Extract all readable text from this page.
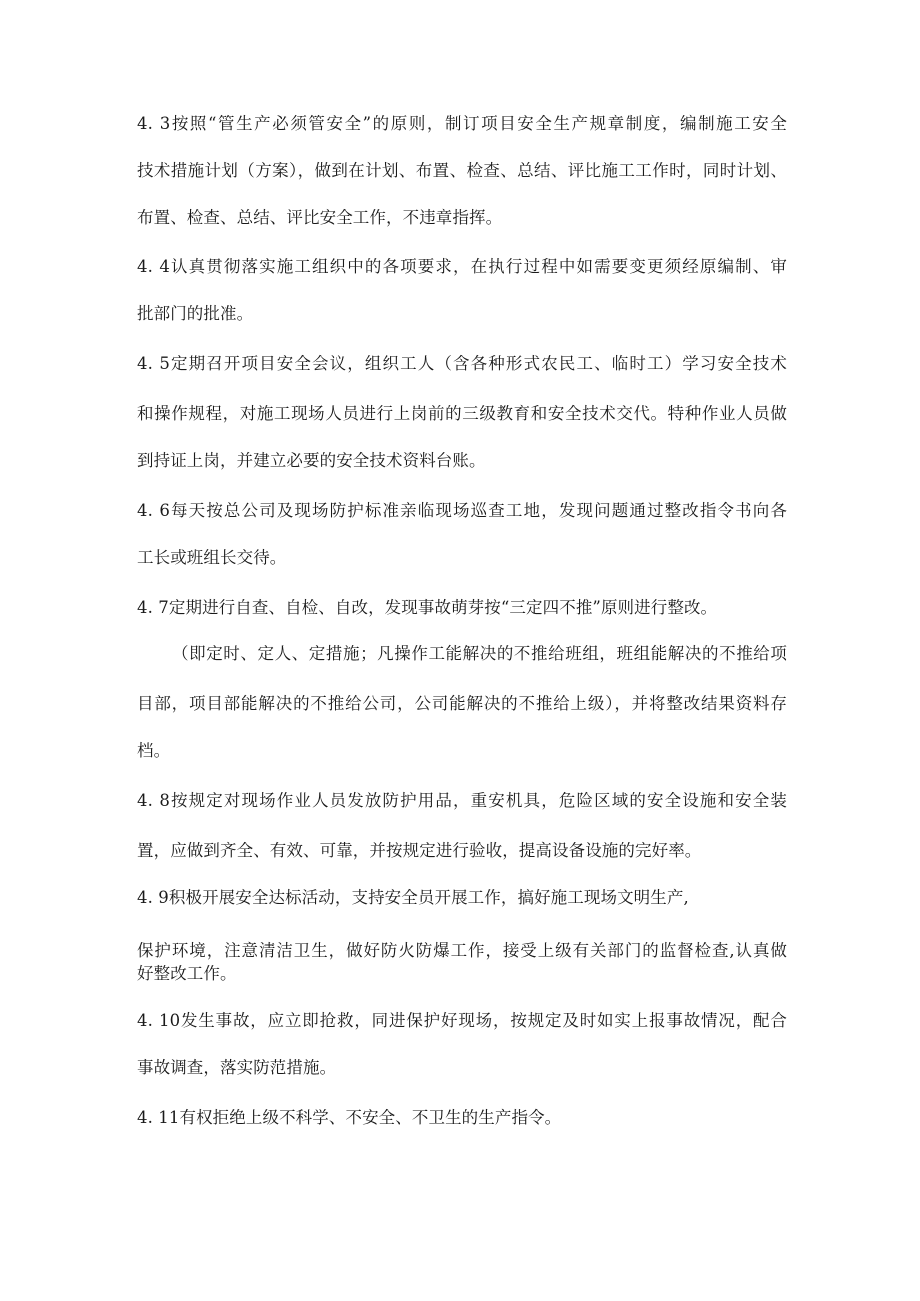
4. 3按照“管生产必须管安全”的原则，制订项目安全生产规章制度，编制施工安全
技术措施计划（方案），做到在计划、布置、检查、总结、评比施工工作时，同时计划、
布置、检查、总结、评比安全工作，不违章指挥。
4. 4认真贯彻落实施工组织中的各项要求，在执行过程中如需要变更须经原编制、审
批部门的批准。
4. 5定期召开项目安全会议，组织工人（含各种形式农民工、临时工）学习安全技术
和操作规程，对施工现场人员进行上岗前的三级教育和安全技术交代。特种作业人员做
到持证上岗，并建立必要的安全技术资料台账。
4. 6每天按总公司及现场防护标准亲临现场巡查工地，发现问题通过整改指令书向各
工长或班组长交待。
4. 7定期进行自查、自检、自改，发现事故萌芽按“三定四不推”原则进行整改。
（即定时、定人、定措施；凡操作工能解决的不推给班组，班组能解决的不推给项
目部，项目部能解决的不推给公司，公司能解决的不推给上级），并将整改结果资料存
档。
4. 8按规定对现场作业人员发放防护用品，重安机具，危险区域的安全设施和安全装
置，应做到齐全、有效、可靠，并按规定进行验收，提高设备设施的完好率。
4. 9积极开展安全达标活动，支持安全员开展工作，搞好施工现场文明生产,
保护环境，注意清洁卫生，做好防火防爆工作，接受上级有关部门的监督检查,认真做
好整改工作。
4. 10发生事故，应立即抢救，同进保护好现场，按规定及时如实上报事故情况，配合
事故调查，落实防范措施。
4. 11有权拒绝上级不科学、不安全、不卫生的生产指令。
